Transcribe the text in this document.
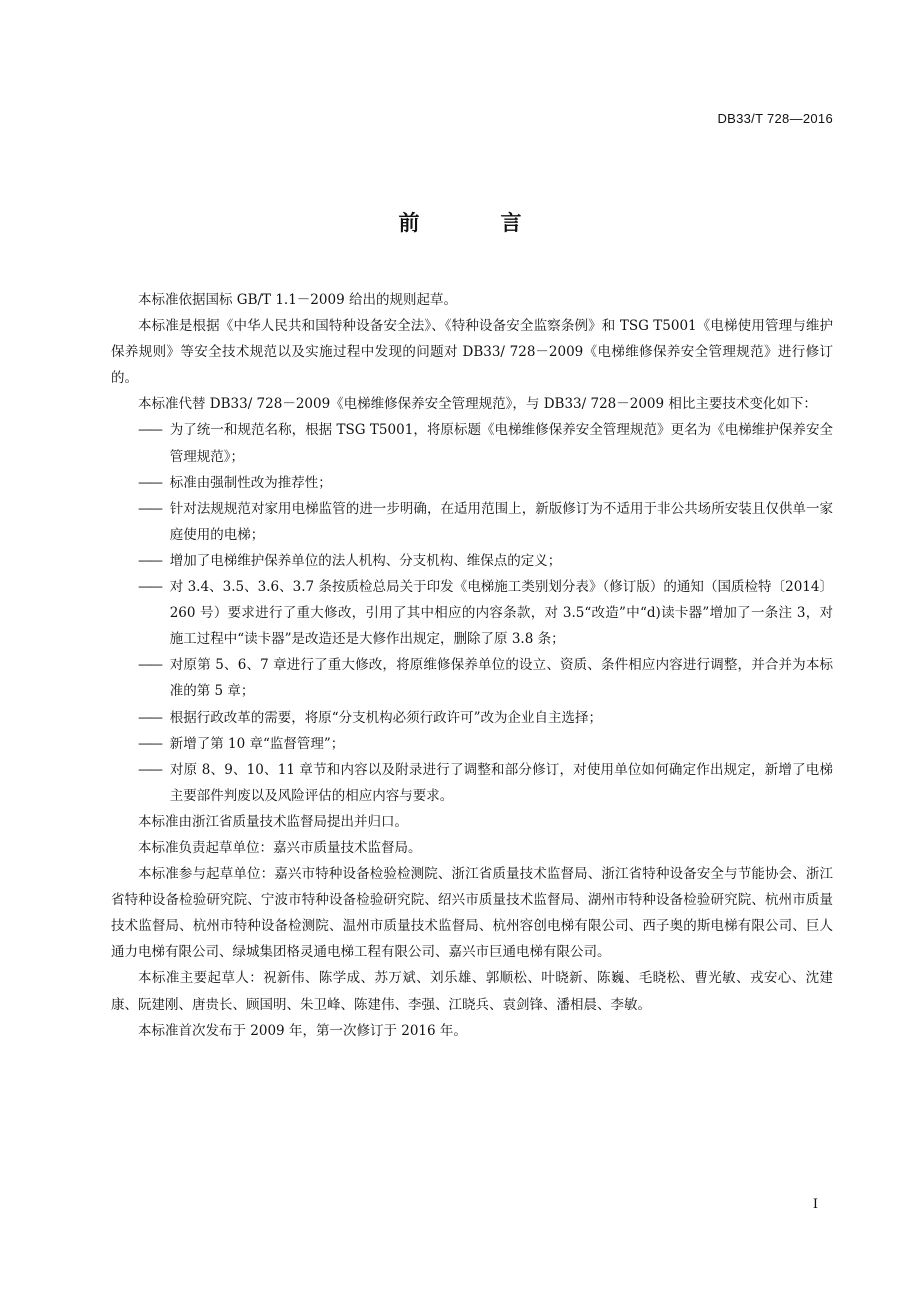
DB33/T 728—2016
前　言

本标准依据国标 GB/T 1.1－2009 给出的规则起草。

本标准是根据《中华人民共和国特种设备安全法》、《特种设备安全监察条例》和 TSG T5001《电梯使用管理与维护保养规则》等安全技术规范以及实施过程中发现的问题对 DB33/ 728－2009《电梯维修保养安全管理规范》进行修订的。

本标准代替 DB33/ 728－2009《电梯维修保养安全管理规范》，与 DB33/ 728－2009 相比主要技术变化如下：

—— 为了统一和规范名称，根据 TSG T5001，将原标题《电梯维修保养安全管理规范》更名为《电梯维护保养安全管理规范》；
—— 标准由强制性改为推荐性；
—— 针对法规规范对家用电梯监管的进一步明确，在适用范围上，新版修订为不适用于非公共场所安装且仅供单一家庭使用的电梯；
—— 增加了电梯维护保养单位的法人机构、分支机构、维保点的定义；
—— 对 3.4、3.5、3.6、3.7 条按质检总局关于印发《电梯施工类别划分表》（修订版）的通知（国质检特〔2014〕260 号）要求进行了重大修改，引用了其中相应的内容条款，对 3.5“改造”中“d)读卡器”增加了一条注 3，对施工过程中“读卡器”是改造还是大修作出规定，删除了原 3.8 条；
—— 对原第 5、6、7 章进行了重大修改，将原维修保养单位的设立、资质、条件相应内容进行调整，并合并为本标准的第 5 章；
—— 根据行政改革的需要，将原“分支机构必须行政许可”改为企业自主选择；
—— 新增了第 10 章“监督管理”；
—— 对原 8、9、10、11 章节和内容以及附录进行了调整和部分修订，对使用单位如何确定作出规定，新增了电梯主要部件判废以及风险评估的相应内容与要求。

本标准由浙江省质量技术监督局提出并归口。

本标准负责起草单位：嘉兴市质量技术监督局。

本标准参与起草单位：嘉兴市特种设备检验检测院、浙江省质量技术监督局、浙江省特种设备安全与节能协会、浙江省特种设备检验研究院、宁波市特种设备检验研究院、绍兴市质量技术监督局、湖州市特种设备检验研究院、杭州市质量技术监督局、杭州市特种设备检测院、温州市质量技术监督局、杭州容创电梯有限公司、西子奥的斯电梯有限公司、巨人通力电梯有限公司、绿城集团格灵通电梯工程有限公司、嘉兴市巨通电梯有限公司。

本标准主要起草人：祝新伟、陈学成、苏万斌、刘乐雄、郭顺松、叶晓新、陈巍、毛晓松、曹光敏、戎安心、沈建康、阮建刚、唐贵长、顾国明、朱卫峰、陈建伟、李强、江晓兵、袁剑锋、潘相晨、李敏。

本标准首次发布于 2009 年，第一次修订于 2016 年。

I
